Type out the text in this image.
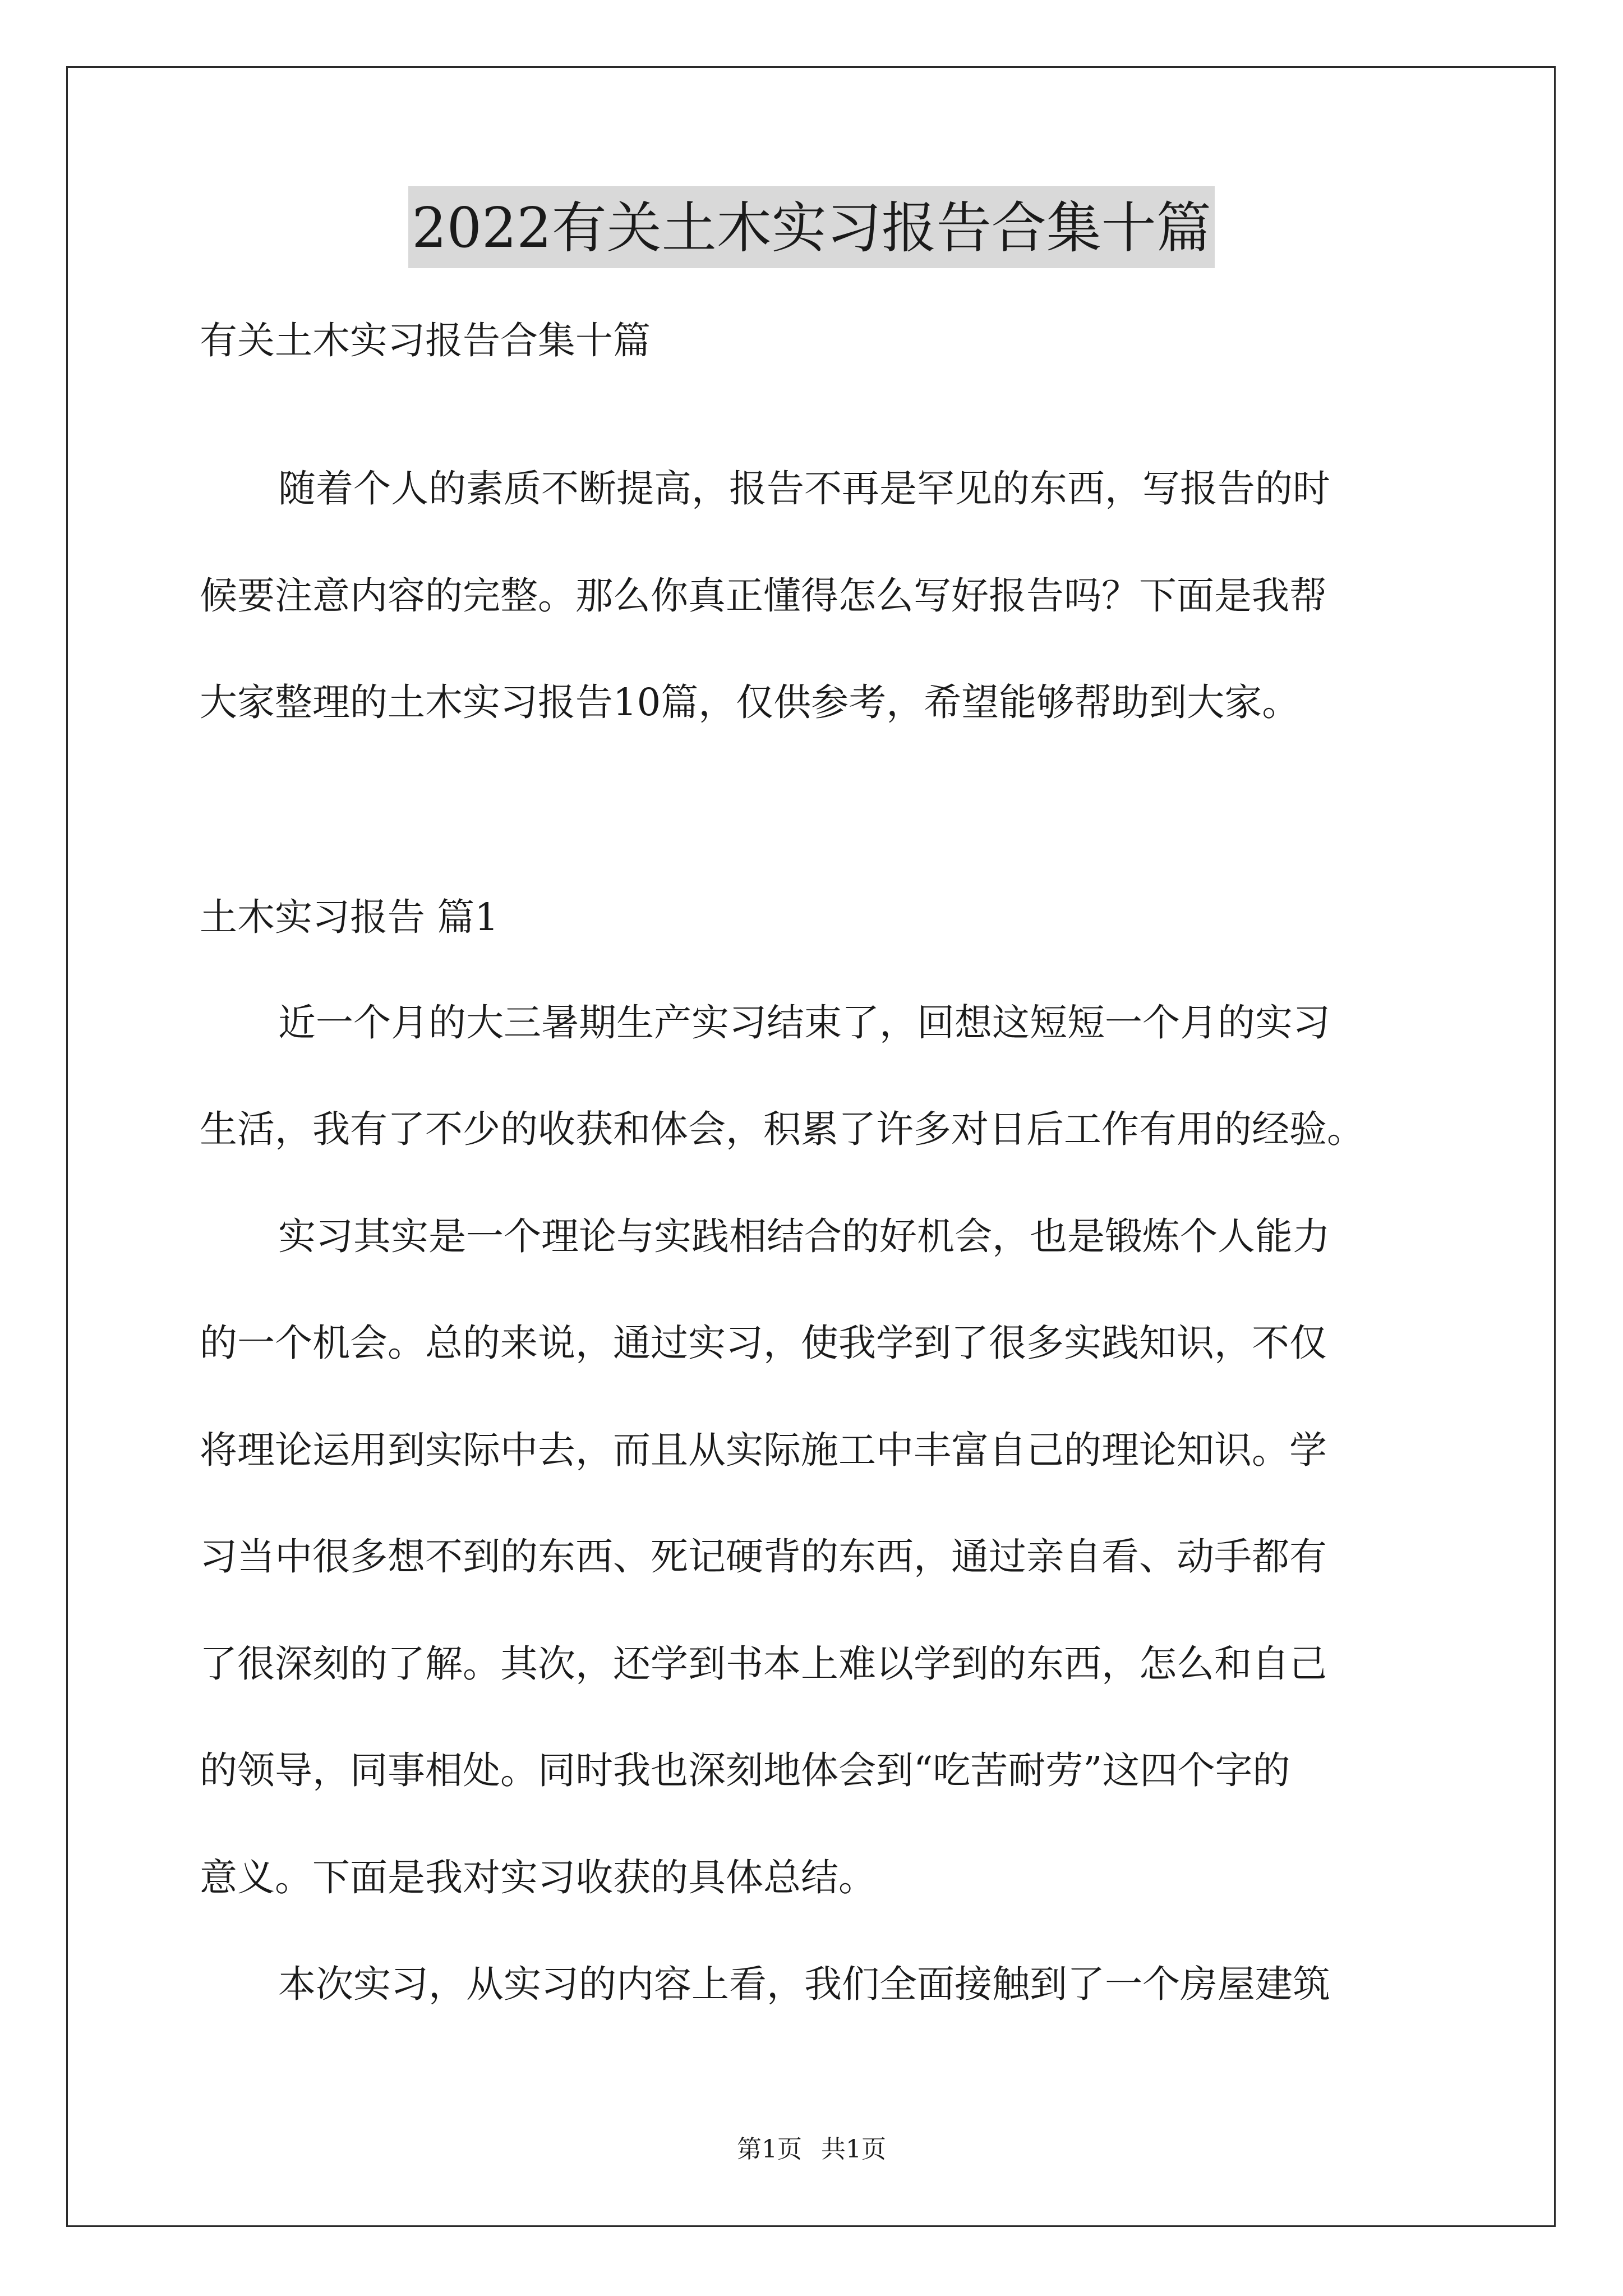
2022有关土木实习报告合集十篇

有关土木实习报告合集十篇

随着个人的素质不断提高，报告不再是罕见的东西，写报告的时

候要注意内容的完整。那么你真正懂得怎么写好报告吗？下面是我帮

大家整理的土木实习报告10篇，仅供参考，希望能够帮助到大家。

土木实习报告 篇1

近一个月的大三暑期生产实习结束了，回想这短短一个月的实习

生活，我有了不少的收获和体会，积累了许多对日后工作有用的经验。

实习其实是一个理论与实践相结合的好机会，也是锻炼个人能力

的一个机会。总的来说，通过实习，使我学到了很多实践知识，不仅

将理论运用到实际中去，而且从实际施工中丰富自己的理论知识。学

习当中很多想不到的东西、死记硬背的东西，通过亲自看、动手都有

了很深刻的了解。其次，还学到书本上难以学到的东西，怎么和自己

的领导，同事相处。同时我也深刻地体会到“吃苦耐劳”这四个字的

意义。下面是我对实习收获的具体总结。

本次实习，从实习的内容上看，我们全面接触到了一个房屋建筑

第1页 共1页
